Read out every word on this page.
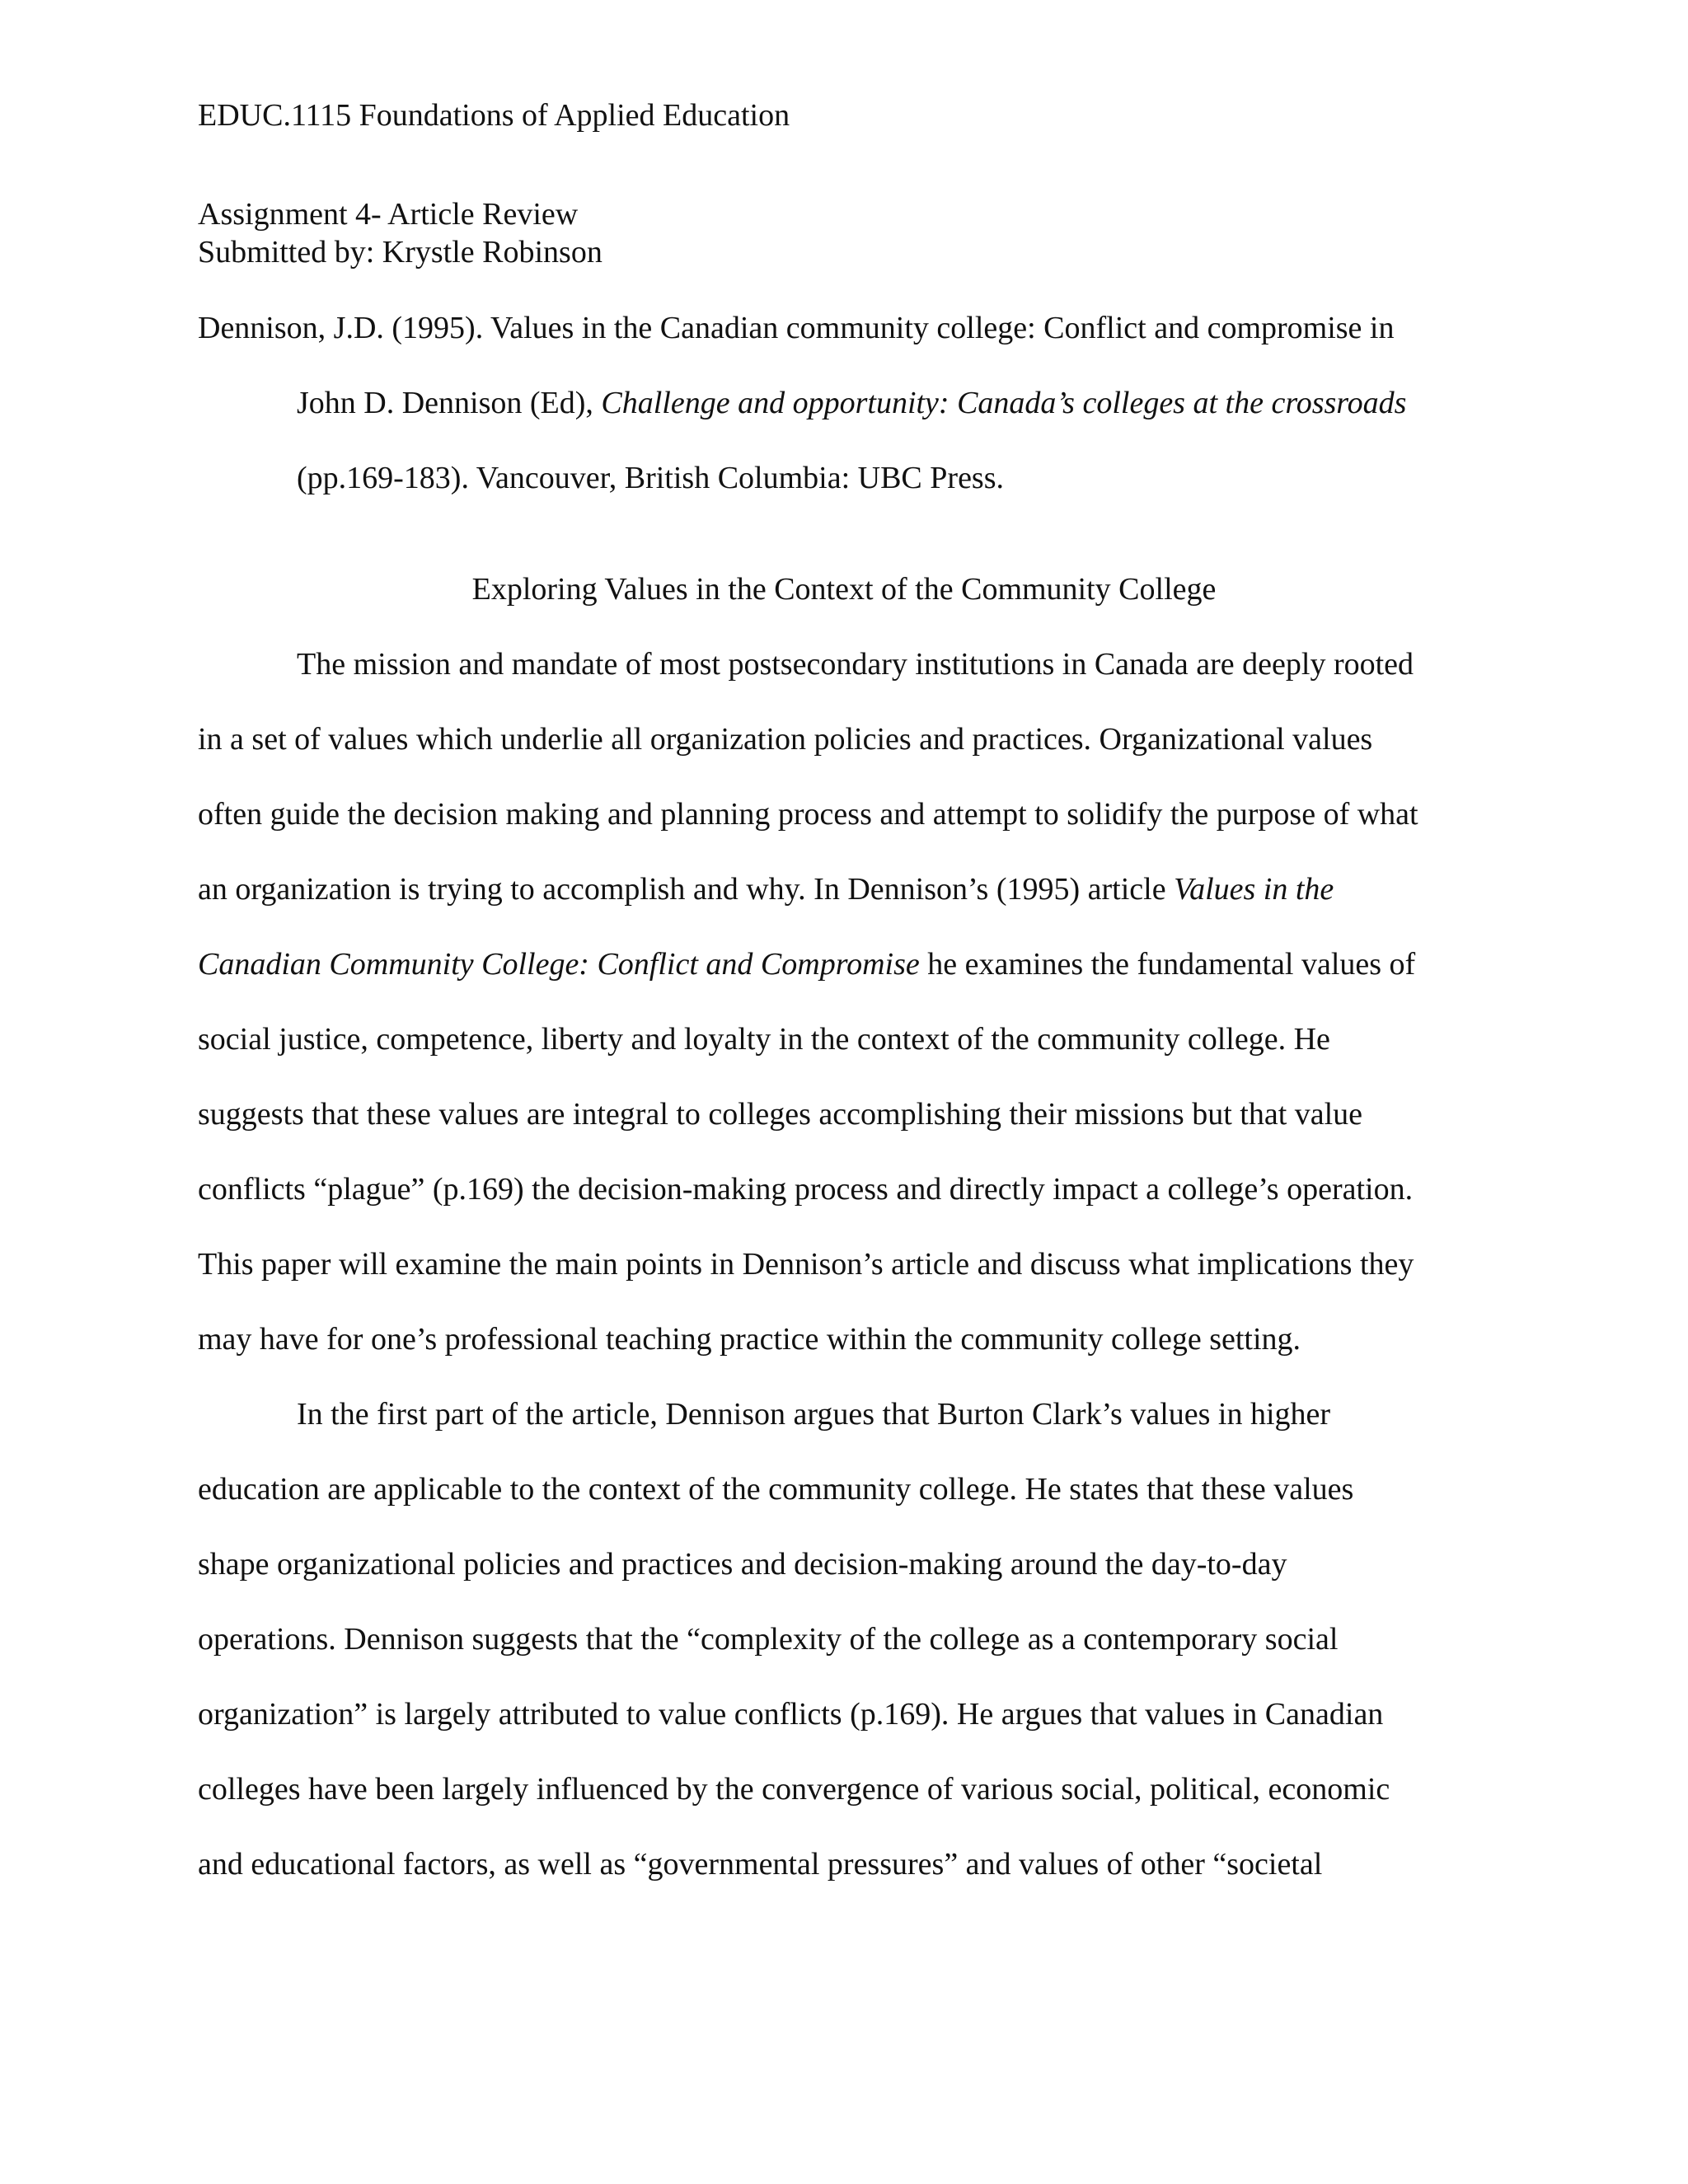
EDUC.1115 Foundations of Applied Education

Assignment 4- Article Review

Submitted by: Krystle Robinson

Dennison, J.D. (1995). Values in the Canadian community college: Conflict and compromise in

John D. Dennison (Ed), Challenge and opportunity: Canada’s colleges at the crossroads

(pp.169-183). Vancouver, British Columbia: UBC Press.

Exploring Values in the Context of the Community College

The mission and mandate of most postsecondary institutions in Canada are deeply rooted

in a set of values which underlie all organization policies and practices. Organizational values

often guide the decision making and planning process and attempt to solidify the purpose of what

an organization is trying to accomplish and why. In Dennison’s (1995) article Values in the

Canadian Community College: Conflict and Compromise he examines the fundamental values of

social justice, competence, liberty and loyalty in the context of the community college. He

suggests that these values are integral to colleges accomplishing their missions but that value

conflicts “plague” (p.169) the decision-making process and directly impact a college’s operation.

This paper will examine the main points in Dennison’s article and discuss what implications they

may have for one’s professional teaching practice within the community college setting.

In the first part of the article, Dennison argues that Burton Clark’s values in higher

education are applicable to the context of the community college. He states that these values

shape organizational policies and practices and decision-making around the day-to-day

operations. Dennison suggests that the “complexity of the college as a contemporary social

organization” is largely attributed to value conflicts (p.169). He argues that values in Canadian

colleges have been largely influenced by the convergence of various social, political, economic

and educational factors, as well as “governmental pressures” and values of other “societal
